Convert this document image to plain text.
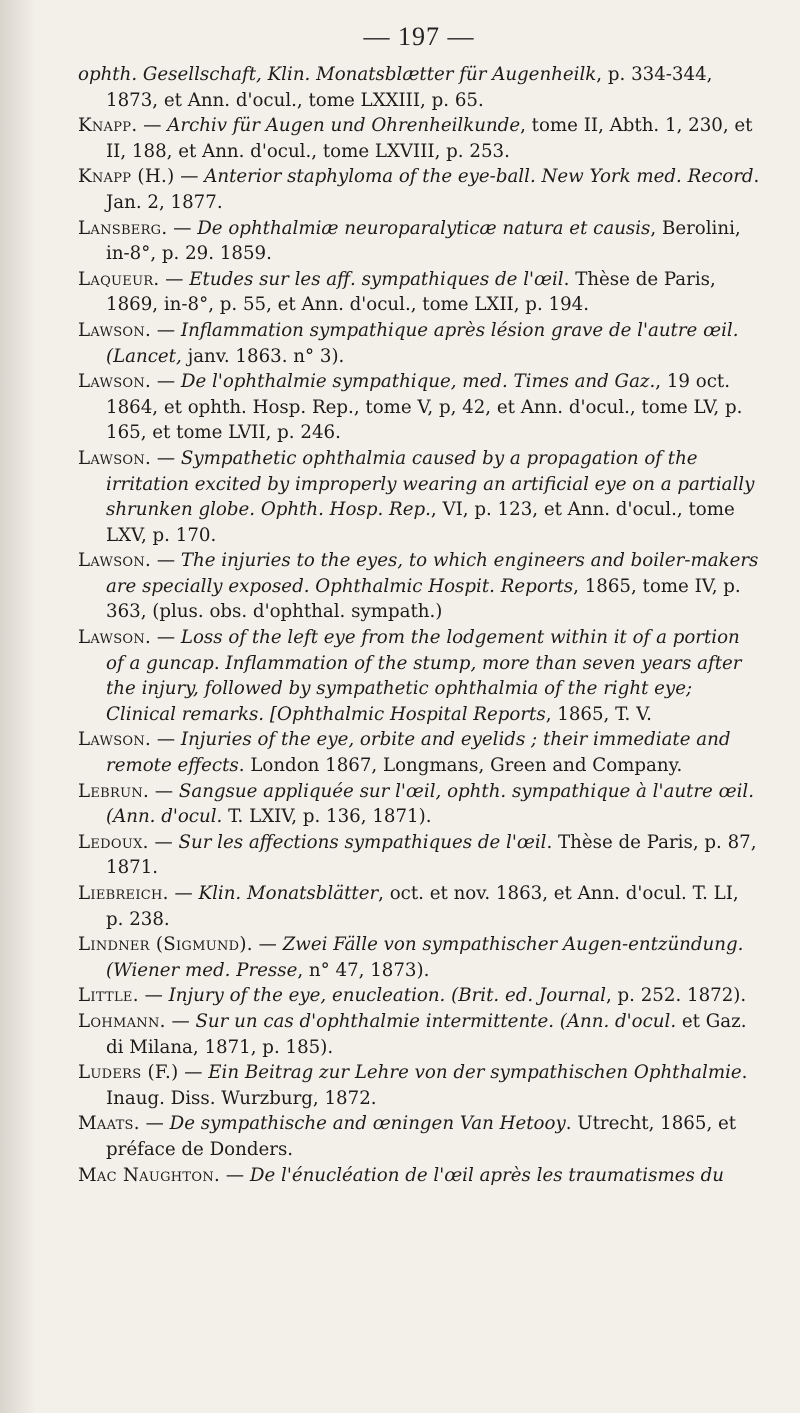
— 197 —

ophth. Gesellschaft, Klin. Monatsblætter für Augenheilk, p. 334-344, 1873, et Ann. d'ocul., tome LXXIII, p. 65.

Knapp. — Archiv für Augen und Ohrenheilkunde, tome II, Abth. 1, 230, et II, 188, et Ann. d'ocul., tome LXVIII, p. 253.

Knapp (H.) — Anterior staphyloma of the eye-ball. New York med. Record. Jan. 2, 1877.

Lansberg. — De ophthalmiæ neuroparalyticæ natura et causis, Berolini, in-8°, p. 29. 1859.

Laqueur. — Etudes sur les aff. sympathiques de l'œil. Thèse de Paris, 1869, in-8°, p. 55, et Ann. d'ocul., tome LXII, p. 194.

Lawson. — Inflammation sympathique après lésion grave de l'autre œil. (Lancet, janv. 1863. n° 3).

Lawson. — De l'ophthalmie sympathique, med. Times and Gaz., 19 oct. 1864, et ophth. Hosp. Rep., tome V, p, 42, et Ann. d'ocul., tome LV, p. 165, et tome LVII, p. 246.

Lawson. — Sympathetic ophthalmia caused by a propagation of the irritation excited by improperly wearing an artificial eye on a partially shrunken globe. Ophth. Hosp. Rep., VI, p. 123, et Ann. d'ocul., tome LXV, p. 170.

Lawson. — The injuries to the eyes, to which engineers and boiler-makers are specially exposed. Ophthalmic Hospit. Reports, 1865, tome IV, p. 363, (plus. obs. d'ophthal. sympath.)

Lawson. — Loss of the left eye from the lodgement within it of a portion of a guncap. Inflammation of the stump, more than seven years after the injury, followed by sympathetic ophthalmia of the right eye; Clinical remarks. [Ophthalmic Hospital Reports, 1865, T. V.

Lawson. — Injuries of the eye, orbite and eyelids ; their immediate and remote effects. London 1867, Longmans, Green and Company.

Lebrun. — Sangsue appliquée sur l'œil, ophth. sympathique à l'autre œil. (Ann. d'ocul. T. LXIV, p. 136, 1871).

Ledoux. — Sur les affections sympathiques de l'œil. Thèse de Paris, p. 87, 1871.

Liebreich. — Klin. Monatsblätter, oct. et nov. 1863, et Ann. d'ocul. T. LI, p. 238.

Lindner (Sigmund). — Zwei Fälle von sympathischer Augen-entzündung. (Wiener med. Presse, n° 47, 1873).

Little. — Injury of the eye, enucleation. (Brit. ed. Journal, p. 252. 1872).

Lohmann. — Sur un cas d'ophthalmie intermittente. (Ann. d'ocul. et Gaz. di Milana, 1871, p. 185).

Luders (F.) — Ein Beitrag zur Lehre von der sympathischen Ophthalmie. Inaug. Diss. Wurzburg, 1872.

Maats. — De sympathische and œningen Van Hetooy. Utrecht, 1865, et préface de Donders.

Mac Naughton. — De l'énucléation de l'œil après les traumatismes du
